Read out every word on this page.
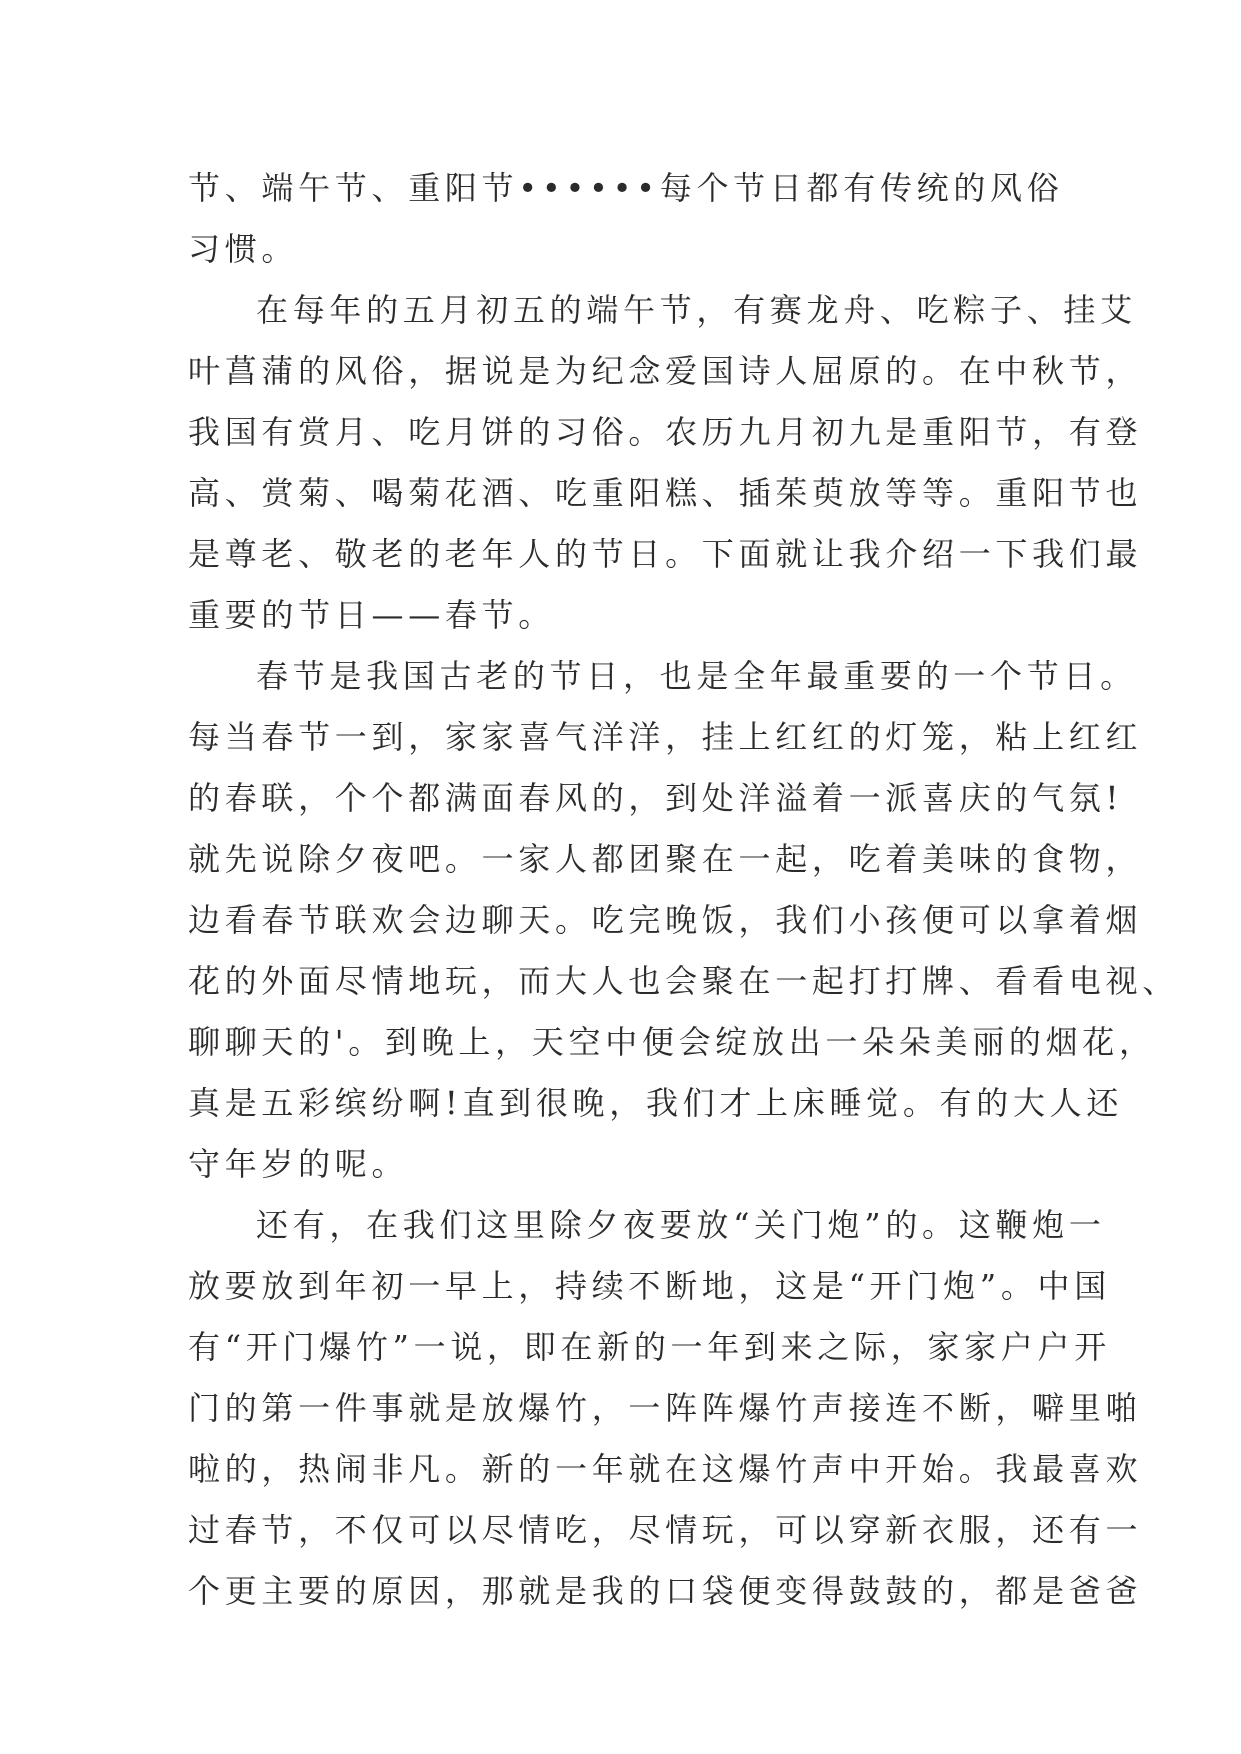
节、端午节、重阳节••••••每个节日都有传统的风俗
习惯。
在每年的五月初五的端午节，有赛龙舟、吃粽子、挂艾
叶菖蒲的风俗，据说是为纪念爱国诗人屈原的。在中秋节，
我国有赏月、吃月饼的习俗。农历九月初九是重阳节，有登
高、赏菊、喝菊花酒、吃重阳糕、插茱萸放等等。重阳节也
是尊老、敬老的老年人的节日。下面就让我介绍一下我们最
重要的节日——春节。
春节是我国古老的节日，也是全年最重要的一个节日。
每当春节一到，家家喜气洋洋，挂上红红的灯笼，粘上红红
的春联，个个都满面春风的，到处洋溢着一派喜庆的气氛!
就先说除夕夜吧。一家人都团聚在一起，吃着美味的食物，
边看春节联欢会边聊天。吃完晚饭，我们小孩便可以拿着烟
花的外面尽情地玩，而大人也会聚在一起打打牌、看看电视、
聊聊天的'。到晚上，天空中便会绽放出一朵朵美丽的烟花，
真是五彩缤纷啊!直到很晚，我们才上床睡觉。有的大人还
守年岁的呢。
还有，在我们这里除夕夜要放“关门炮”的。这鞭炮一
放要放到年初一早上，持续不断地，这是“开门炮”。中国
有“开门爆竹”一说，即在新的一年到来之际，家家户户开
门的第一件事就是放爆竹，一阵阵爆竹声接连不断，噼里啪
啦的，热闹非凡。新的一年就在这爆竹声中开始。我最喜欢
过春节，不仅可以尽情吃，尽情玩，可以穿新衣服，还有一
个更主要的原因，那就是我的口袋便变得鼓鼓的，都是爸爸
